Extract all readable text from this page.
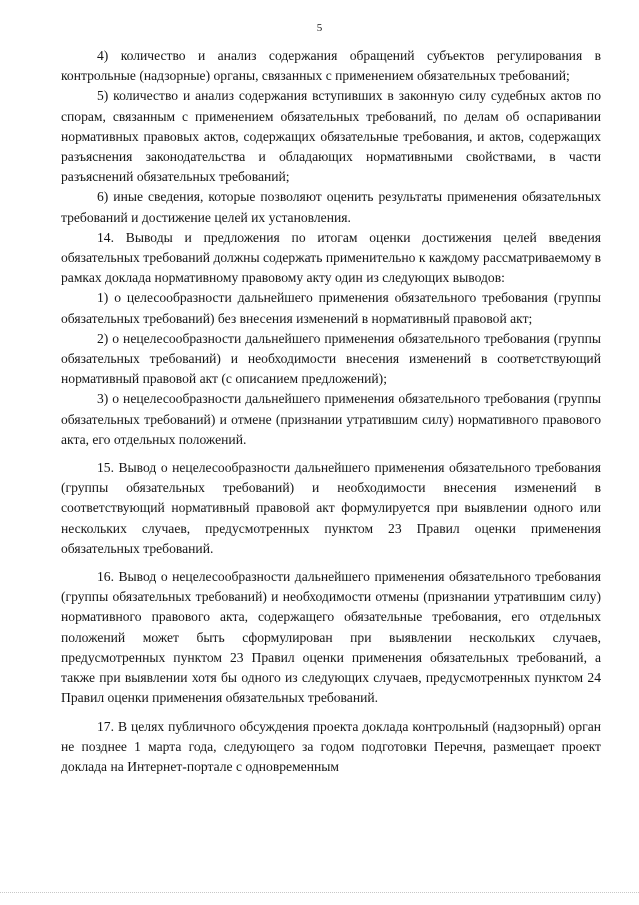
5

4) количество и анализ содержания обращений субъектов регулирования в контрольные (надзорные) органы, связанных с применением обязательных требований;

5) количество и анализ содержания вступивших в законную силу судебных актов по спорам, связанным с применением обязательных требований, по делам об оспаривании нормативных правовых актов, содержащих обязательные требования, и актов, содержащих разъяснения законодательства и обладающих нормативными свойствами, в части разъяснений обязательных требований;

6) иные сведения, которые позволяют оценить результаты применения обязательных требований и достижение целей их установления.

14. Выводы и предложения по итогам оценки достижения целей введения обязательных требований должны содержать применительно к каждому рассматриваемому в рамках доклада нормативному правовому акту один из следующих выводов:

1) о целесообразности дальнейшего применения обязательного требования (группы обязательных требований) без внесения изменений в нормативный правовой акт;

2) о нецелесообразности дальнейшего применения обязательного требования (группы обязательных требований) и необходимости внесения изменений в соответствующий нормативный правовой акт (с описанием предложений);

3) о нецелесообразности дальнейшего применения обязательного требования (группы обязательных требований) и отмене (признании утратившим силу) нормативного правового акта, его отдельных положений.

15. Вывод о нецелесообразности дальнейшего применения обязательного требования (группы обязательных требований) и необходимости внесения изменений в соответствующий нормативный правовой акт формулируется при выявлении одного или нескольких случаев, предусмотренных пунктом 23 Правил оценки применения обязательных требований.

16. Вывод о нецелесообразности дальнейшего применения обязательного требования (группы обязательных требований) и необходимости отмены (признании утратившим силу) нормативного правового акта, содержащего обязательные требования, его отдельных положений может быть сформулирован при выявлении нескольких случаев, предусмотренных пунктом 23 Правил оценки применения обязательных требований, а также при выявлении хотя бы одного из следующих случаев, предусмотренных пунктом 24 Правил оценки применения обязательных требований.

17. В целях публичного обсуждения проекта доклада контрольный (надзорный) орган не позднее 1 марта года, следующего за годом подготовки Перечня, размещает проект доклада на Интернет-портале с одновременным
